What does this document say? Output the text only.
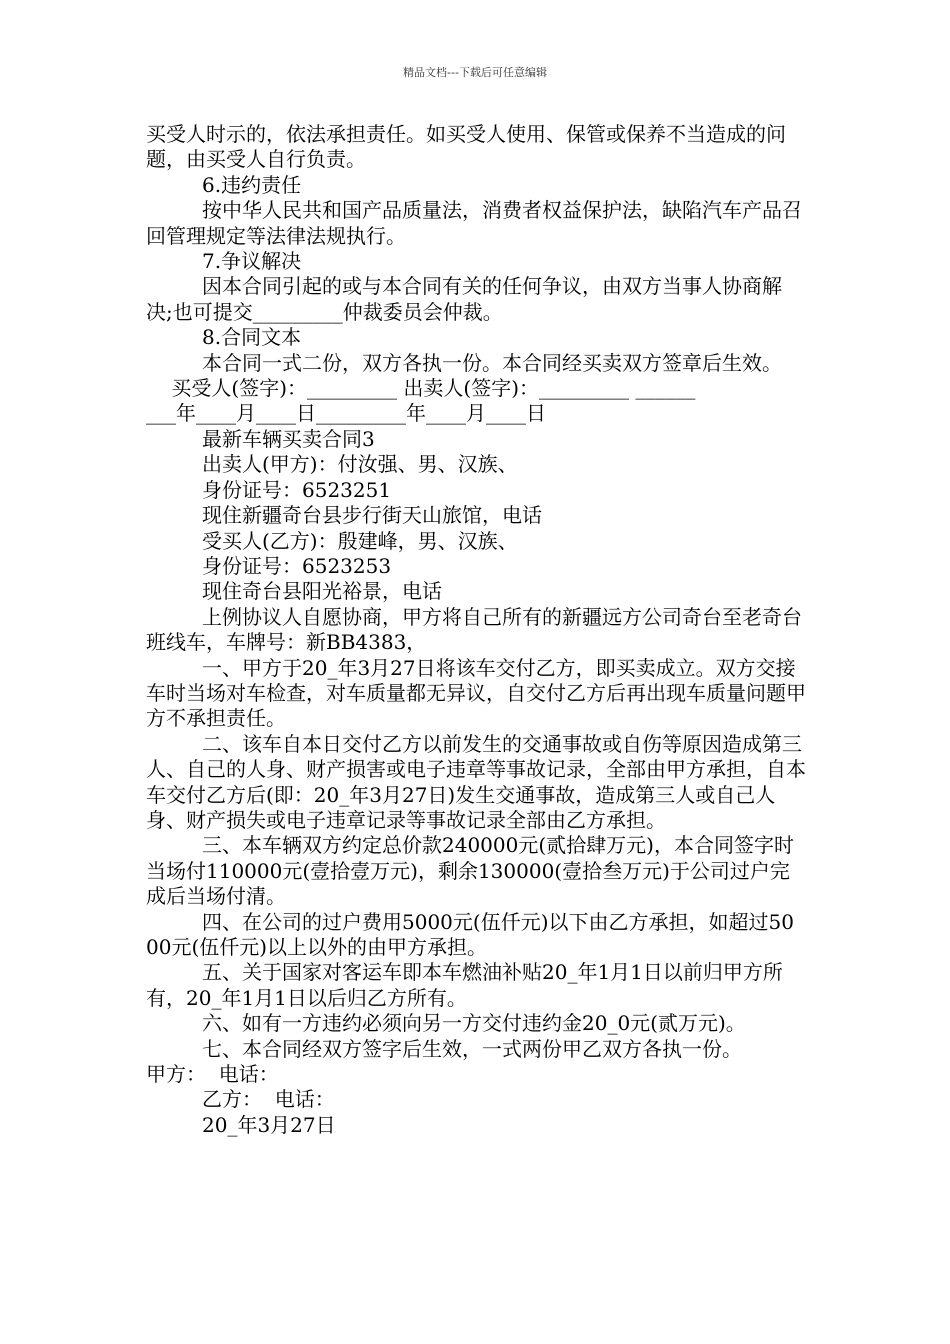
精品文档---下载后可任意编辑

买受人时示的，依法承担责任。如买受人使用、保管或保养不当造成的问题，由买受人自行负责。

6.违约责任

按中华人民共和国产品质量法，消费者权益保护法，缺陷汽车产品召回管理规定等法律法规执行。

7.争议解决

因本合同引起的或与本合同有关的任何争议，由双方当事人协商解决;也可提交_________仲裁委员会仲裁。

8.合同文本

本合同一式二份，双方各执一份。本合同经买卖双方签章后生效。

买受人(签字)：_________ 出卖人(签字)：_________ ______

___年____月____日_________年____月____日

最新车辆买卖合同3

出卖人(甲方)：付汝强、男、汉族、

身份证号：6523251

现住新疆奇台县步行街天山旅馆，电话

受买人(乙方)：殷建峰，男、汉族、

身份证号：6523253

现住奇台县阳光裕景，电话

上例协议人自愿协商，甲方将自己所有的新疆远方公司奇台至老奇台班线车，车牌号：新BB4383，

一、甲方于20_年3月27日将该车交付乙方，即买卖成立。双方交接车时当场对车检查，对车质量都无异议，自交付乙方后再出现车质量问题甲方不承担责任。

二、该车自本日交付乙方以前发生的交通事故或自伤等原因造成第三人、自己的人身、财产损害或电子违章等事故记录，全部由甲方承担，自本车交付乙方后(即：20_年3月27日)发生交通事故，造成第三人或自己人身、财产损失或电子违章记录等事故记录全部由乙方承担。

三、本车辆双方约定总价款240000元(贰拾肆万元)，本合同签字时当场付110000元(壹拾壹万元)，剩余130000(壹拾叁万元)于公司过户完成后当场付清。

四、在公司的过户费用5000元(伍仟元)以下由乙方承担，如超过5000元(伍仟元)以上以外的由甲方承担。

五、关于国家对客运车即本车燃油补贴20_年1月1日以前归甲方所有，20_年1月1日以后归乙方所有。

六、如有一方违约必须向另一方交付违约金20_0元(贰万元)。

七、本合同经双方签字后生效，一式两份甲乙双方各执一份。

甲方：  电话：

乙方：  电话：

20_年3月27日
